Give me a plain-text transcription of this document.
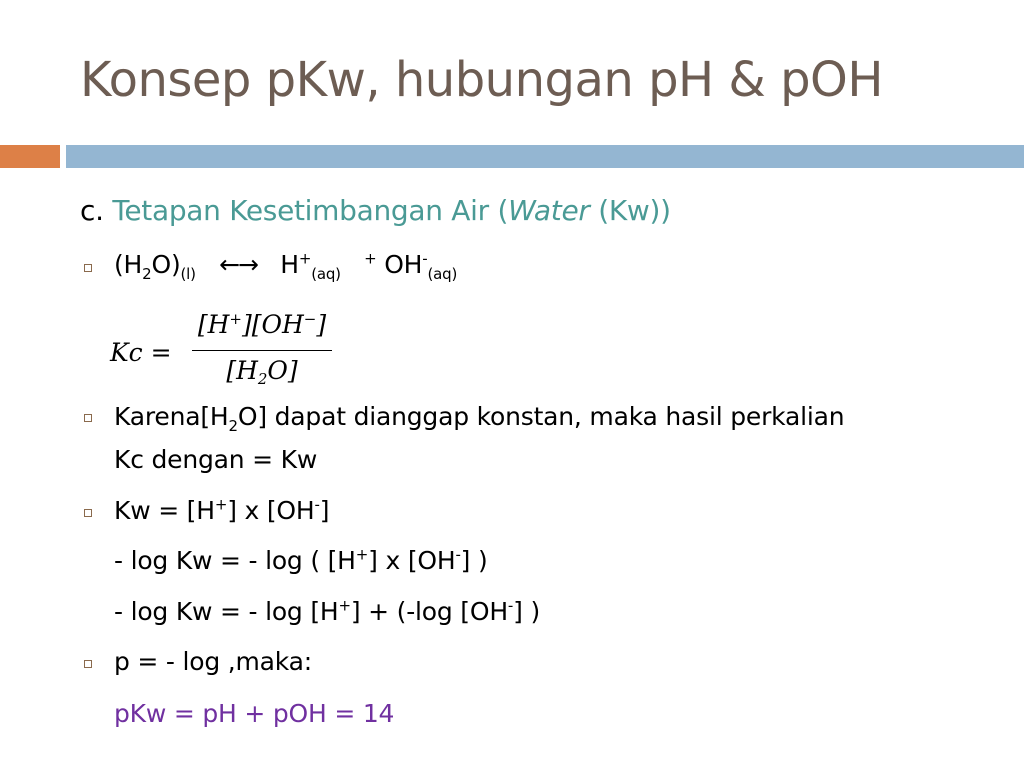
Konsep pKw, hubungan pH & pOH
c. Tetapan Kesetimbangan Air (Water (Kw))
$(H_2O)_{(l)}$ ←→ $H^+_{(aq)}$   + $OH^-_{(aq)}$
Kc =
[H+][OH−]
$[H_2O]$
$Karena[H_2O]$ dapat dianggap konstan, maka hasil perkalian
Kc dengan = Kw
Kw = [H+] x [OH-]
- log Kw = - log ( [H+] x [OH-] )
- log Kw = - log [H+] + (-log [OH-] )
p = - log ,maka:
pKw = pH + pOH = 14
